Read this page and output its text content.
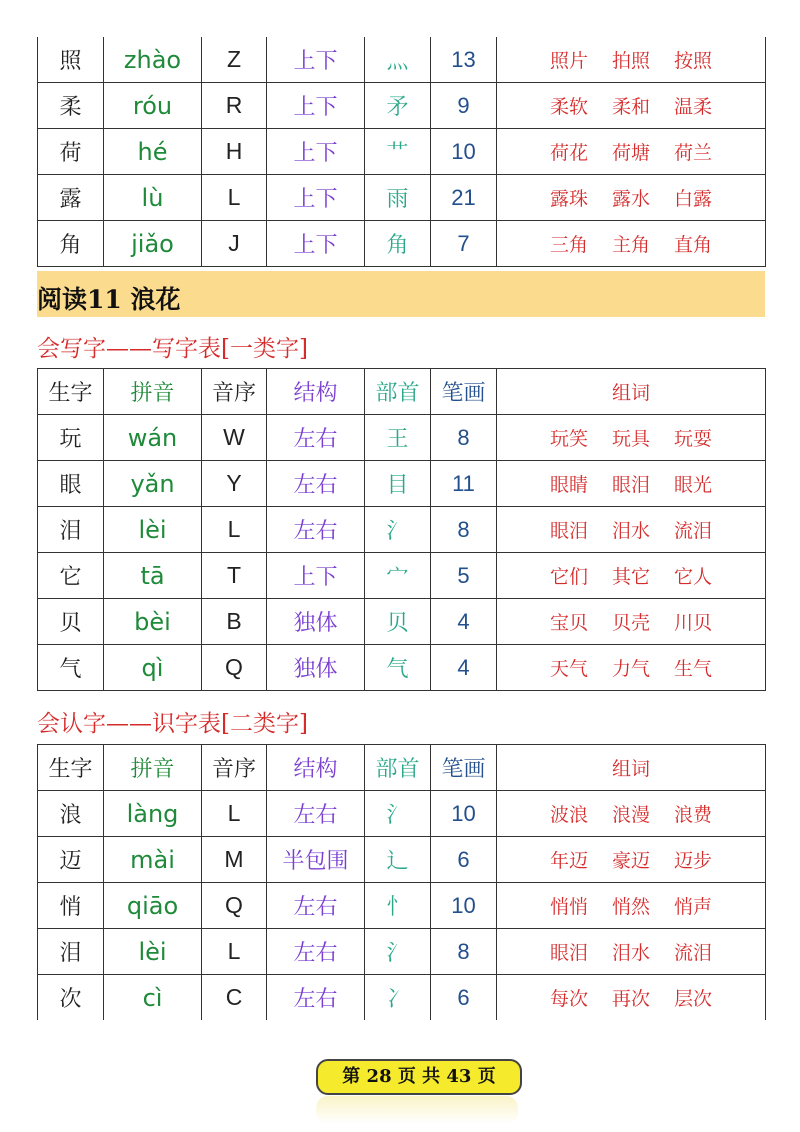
照	zhào	Z	上下	灬	13	照片 拍照 按照
柔	róu	R	上下	矛	9	柔软 柔和 温柔
荷	hé	H	上下	艹	10	荷花 荷塘 荷兰
露	lù	L	上下	雨	21	露珠 露水 白露
角	jiǎo	J	上下	角	7	三角 主角 直角
阅读11 浪花
会写字——写字表[一类字]
生字	拼音	音序	结构	部首	笔画	组词
玩	wán	W	左右	王	8	玩笑 玩具 玩耍
眼	yǎn	Y	左右	目	11	眼睛 眼泪 眼光
泪	lèi	L	左右	氵	8	眼泪 泪水 流泪
它	tā	T	上下	宀	5	它们 其它 它人
贝	bèi	B	独体	贝	4	宝贝 贝壳 川贝
气	qì	Q	独体	气	4	天气 力气 生气
会认字——识字表[二类字]
生字	拼音	音序	结构	部首	笔画	组词
浪	làng	L	左右	氵	10	波浪 浪漫 浪费
迈	mài	M	半包围	辶	6	年迈 豪迈 迈步
悄	qiāo	Q	左右	忄	10	悄悄 悄然 悄声
泪	lèi	L	左右	氵	8	眼泪 泪水 流泪
次	cì	C	左右	冫	6	每次 再次 层次
第 28 页 共 43 页
